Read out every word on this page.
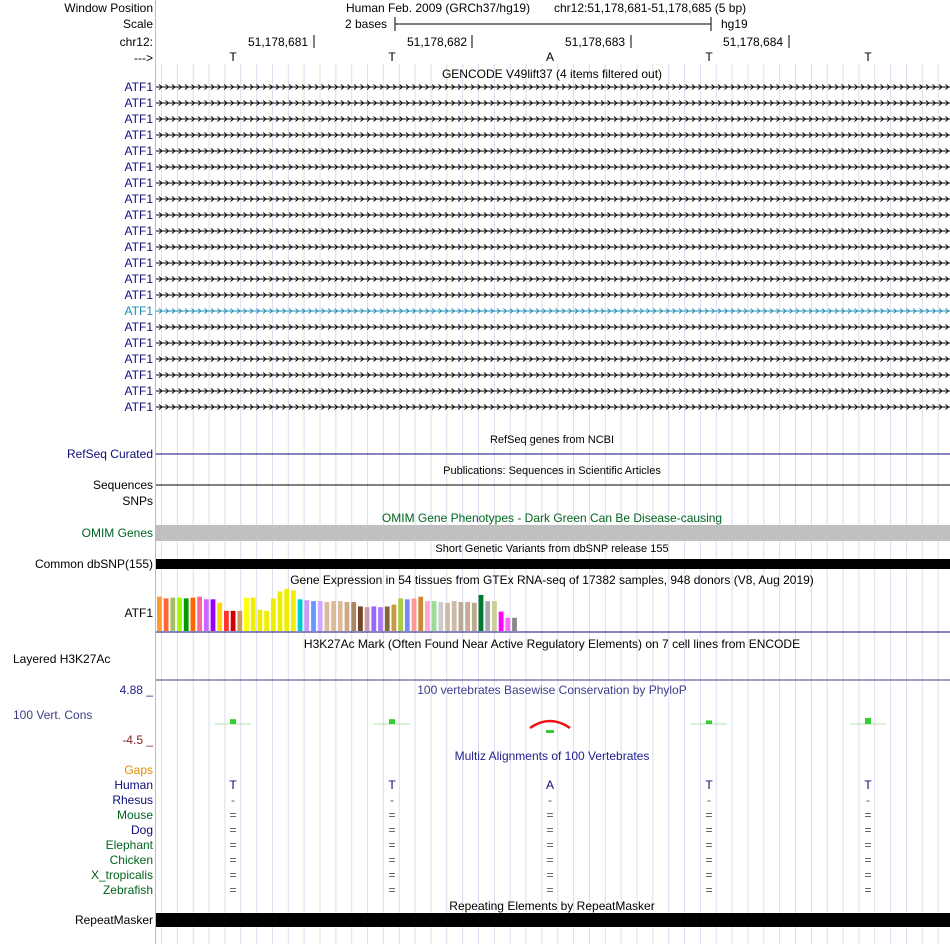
Window Position
Scale
chr12:
--->
Human Feb. 2009 (GRCh37/hg19) chr12:51,178,681-51,178,685 (5 bp)
2 bases	hg19
51,178,681	51,178,682	51,178,683	51,178,684
T	T	A	T	T
GENCODE V49lift37 (4 items filtered out)
ATF1
ATF1
ATF1
ATF1
ATF1
ATF1
ATF1
ATF1
ATF1
ATF1
ATF1
ATF1
ATF1
ATF1
ATF1
ATF1
ATF1
ATF1
ATF1
ATF1
ATF1
RefSeq genes from NCBI
RefSeq Curated
Publications: Sequences in Scientific Articles
Sequences
SNPs
OMIM Gene Phenotypes - Dark Green Can Be Disease-causing
OMIM Genes
Short Genetic Variants from dbSNP release 155
Common dbSNP(155)
Gene Expression in 54 tissues from GTEx RNA-seq of 17382 samples, 948 donors (V8, Aug 2019)
ATF1
H3K27Ac Mark (Often Found Near Active Regulatory Elements) on 7 cell lines from ENCODE
Layered H3K27Ac
100 vertebrates Basewise Conservation by PhyloP
4.88 _
100 Vert. Cons
-4.5 _
Multiz Alignments of 100 Vertebrates
Gaps
Human	T	T	A	T	T
Rhesus	-	-	-	-	-
Mouse	=	=	=	=	=
Dog	=	=	=	=	=
Elephant	=	=	=	=	=
Chicken	=	=	=	=	=
X_tropicalis	=	=	=	=	=
Zebrafish	=	=	=	=	=
Repeating Elements by RepeatMasker
RepeatMasker
